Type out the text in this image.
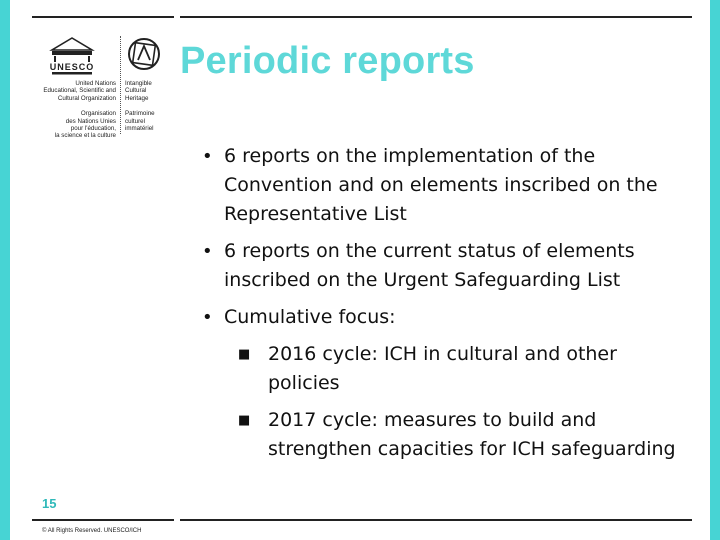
UNESCO
United Nations
Educational, Scientific and
Cultural Organization
Organisation
des Nations Unies
pour l'éducation,
la science et la culture
Intangible
Cultural
Heritage
Patrimoine
culturel
immatériel
Periodic reports
• 6 reports on the implementation of the Convention and on elements inscribed on the Representative List
• 6 reports on the current status of elements inscribed on the Urgent Safeguarding List
• Cumulative focus:
■ 2016 cycle: ICH in cultural and other policies
■ 2017 cycle: measures to build and strengthen capacities for ICH safeguarding
15
© All Rights Reserved. UNESCO/ICH
